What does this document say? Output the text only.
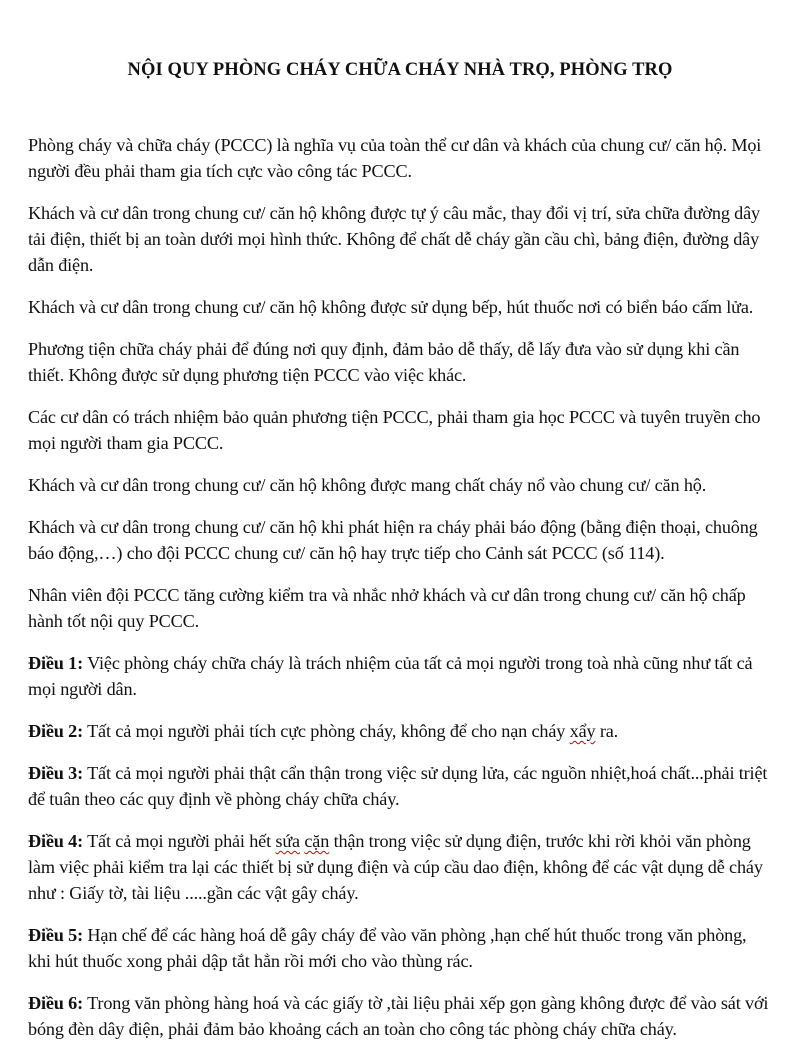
NỘI QUY PHÒNG CHÁY CHỮA CHÁY NHÀ TRỌ, PHÒNG TRỌ

Phòng cháy và chữa cháy (PCCC) là nghĩa vụ của toàn thể cư dân và khách của chung cư/ căn hộ. Mọi người đều phải tham gia tích cực vào công tác PCCC.

Khách và cư dân trong chung cư/ căn hộ không được tự ý câu mắc, thay đổi vị trí, sửa chữa đường dây tải điện, thiết bị an toàn dưới mọi hình thức. Không để chất dễ cháy gần cầu chì, bảng điện, đường dây dẫn điện.

Khách và cư dân trong chung cư/ căn hộ không được sử dụng bếp, hút thuốc nơi có biển báo cấm lửa.

Phương tiện chữa cháy phải để đúng nơi quy định, đảm bảo dễ thấy, dễ lấy đưa vào sử dụng khi cần thiết. Không được sử dụng phương tiện PCCC vào việc khác.

Các cư dân có trách nhiệm bảo quản phương tiện PCCC, phải tham gia học PCCC và tuyên truyền cho mọi người tham gia PCCC.

Khách và cư dân trong chung cư/ căn hộ không được mang chất cháy nổ vào chung cư/ căn hộ.

Khách và cư dân trong chung cư/ căn hộ khi phát hiện ra cháy phải báo động (bằng điện thoại, chuông báo động,…) cho đội PCCC chung cư/ căn hộ hay trực tiếp cho Cảnh sát PCCC (số 114).

Nhân viên đội PCCC tăng cường kiểm tra và nhắc nhở khách và cư dân trong chung cư/ căn hộ chấp hành tốt nội quy PCCC.

Điều 1: Việc phòng cháy chữa cháy là trách nhiệm của tất cả mọi người trong toà nhà cũng như tất cả mọi người dân.

Điều 2: Tất cả mọi người phải tích cực phòng cháy, không để cho nạn cháy xẩy ra.

Điều 3: Tất cả mọi người phải thật cẩn thận trong việc sử dụng lửa, các nguồn nhiệt,hoá chất...phải triệt để tuân theo các quy định về phòng cháy chữa cháy.

Điều 4: Tất cả mọi người phải hết sứa cặn thận trong việc sử dụng điện, trước khi rời khỏi văn phòng làm việc phải kiểm tra lại các thiết bị sử dụng điện và cúp cầu dao điện, không để các vật dụng dễ cháy như : Giấy tờ, tài liệu .....gần các vật gây cháy.

Điều 5: Hạn chế để các hàng hoá dễ gây cháy để vào văn phòng ,hạn chế hút thuốc trong văn phòng, khi hút thuốc xong phải dập tắt hẳn rồi mới cho vào thùng rác.

Điều 6: Trong văn phòng hàng hoá và các giấy tờ ,tài liệu phải xếp gọn gàng không được để vào sát với bóng đèn dây điện, phải đảm bảo khoảng cách an toàn cho công tác phòng cháy chữa cháy.
